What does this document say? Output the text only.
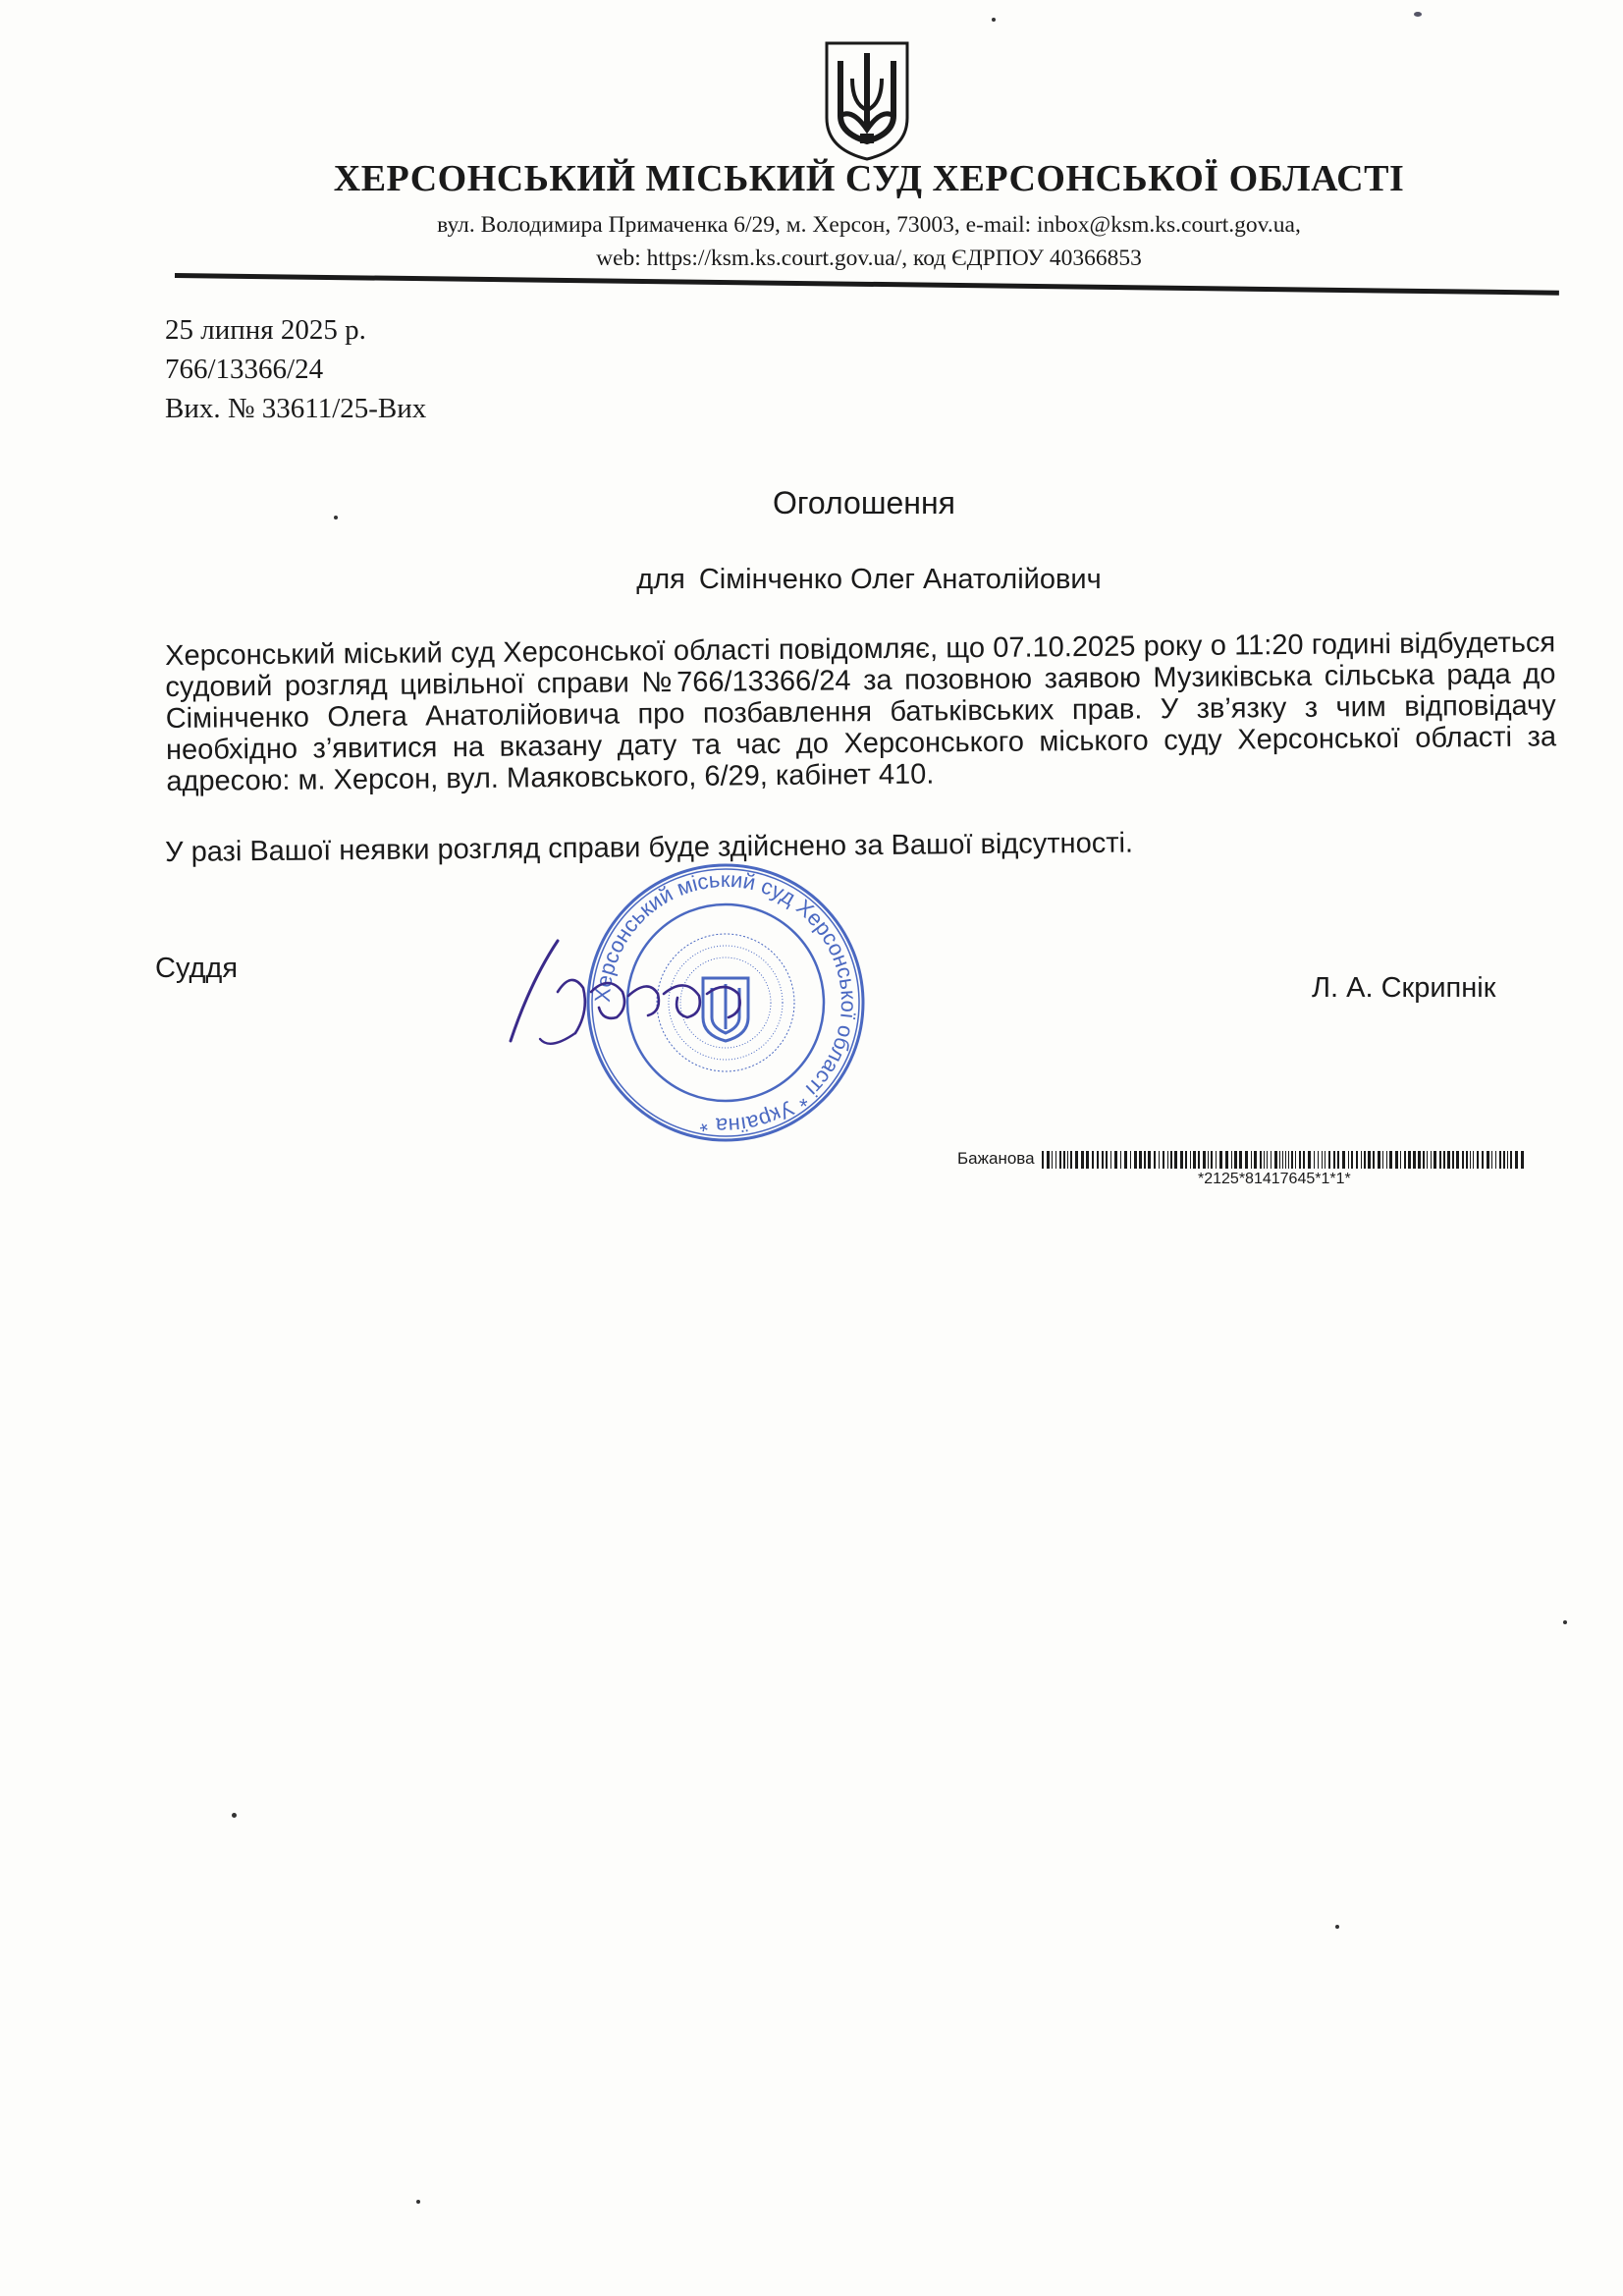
ХЕРСОНСЬКИЙ МІСЬКИЙ СУД ХЕРСОНСЬКОЇ ОБЛАСТІ
вул. Володимира Примаченка 6/29, м. Херсон, 73003, e-mail: inbox@ksm.ks.court.gov.ua,
web: https://ksm.ks.court.gov.ua/, код ЄДРПОУ 40366853
25 липня 2025 р.
766/13366/24
Вих. № 33611/25-Вих
Оголошення
для Сімінченко Олег Анатолійович
Херсонський міський суд Херсонської області повідомляє, що 07.10.2025 року о 11:20 годині відбудеться судовий розгляд цивільної справи №766/13366/24 за позовною заявою Музиківська сільська рада до Сімінченко Олега Анатолійовича про позбавлення батьківських прав. У зв’язку з чим відповідачу необхідно з’явитися на вказану дату та час до Херсонського міського суду Херсонської області за адресою: м. Херсон, вул. Маяковського, 6/29, кабінет 410.
У разі Вашої неявки розгляд справи буде здійснено за Вашої відсутності.
Суддя
Херсонський міський суд Херсонської області * Україна *
Л. А. Скрипнік
Бажанова
*2125*81417645*1*1*
